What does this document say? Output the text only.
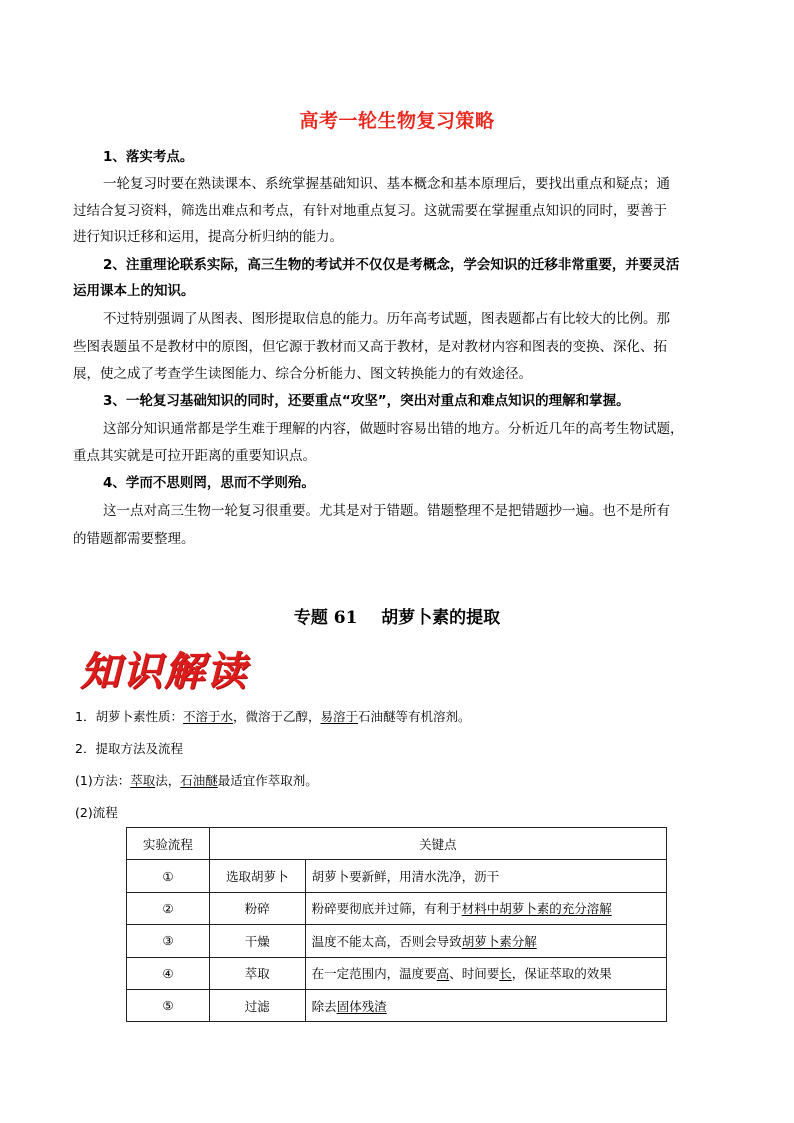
高考一轮生物复习策略
1、落实考点。
一轮复习时要在熟读课本、系统掌握基础知识、基本概念和基本原理后，要找出重点和疑点；通
过结合复习资料，筛选出难点和考点，有针对地重点复习。这就需要在掌握重点知识的同时，要善于
进行知识迁移和运用，提高分析归纳的能力。
2、注重理论联系实际，高三生物的考试并不仅仅是考概念，学会知识的迁移非常重要，并要灵活
运用课本上的知识。
不过特别强调了从图表、图形提取信息的能力。历年高考试题，图表题都占有比较大的比例。那
些图表题虽不是教材中的原图，但它源于教材而又高于教材，是对教材内容和图表的变换、深化、拓
展，使之成了考查学生读图能力、综合分析能力、图文转换能力的有效途径。
3、一轮复习基础知识的同时，还要重点“攻坚”，突出对重点和难点知识的理解和掌握。
这部分知识通常都是学生难于理解的内容，做题时容易出错的地方。分析近几年的高考生物试题，
重点其实就是可拉开距离的重要知识点。
4、学而不思则罔，思而不学则殆。
这一点对高三生物一轮复习很重要。尤其是对于错题。错题整理不是把错题抄一遍。也不是所有
的错题都需要整理。
专题 61    胡萝卜素的提取
知识解读
1．胡萝卜素性质：不溶于水，微溶于乙醇，易溶于石油醚等有机溶剂。
2．提取方法及流程
(1)方法：萃取法，石油醚最适宜作萃取剂。
(2)流程
实验流程	关键点	
①	选取胡萝卜	胡萝卜要新鲜，用清水洗净，沥干
②	粉碎	粉碎要彻底并过筛，有利于材料中胡萝卜素的充分溶解
③	干燥	温度不能太高，否则会导致胡萝卜素分解
④	萃取	在一定范围内，温度要高、时间要长，保证萃取的效果
⑤	过滤	除去固体残渣
